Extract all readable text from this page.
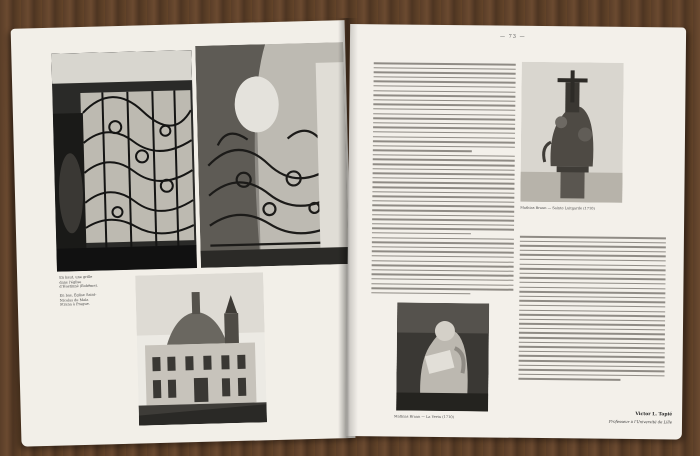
En haut, une grille dans l'église d'Hostinné (Bohême).
En bas, Église Saint-Nicolas de Mala Strana à Prague.
— 73 —
Mathias Braun — Sainte Luitgarde (1710)
Mathias Braun — La Vertu (1710)	Victor L. Tapié
Professeur à l'Université de Lille
